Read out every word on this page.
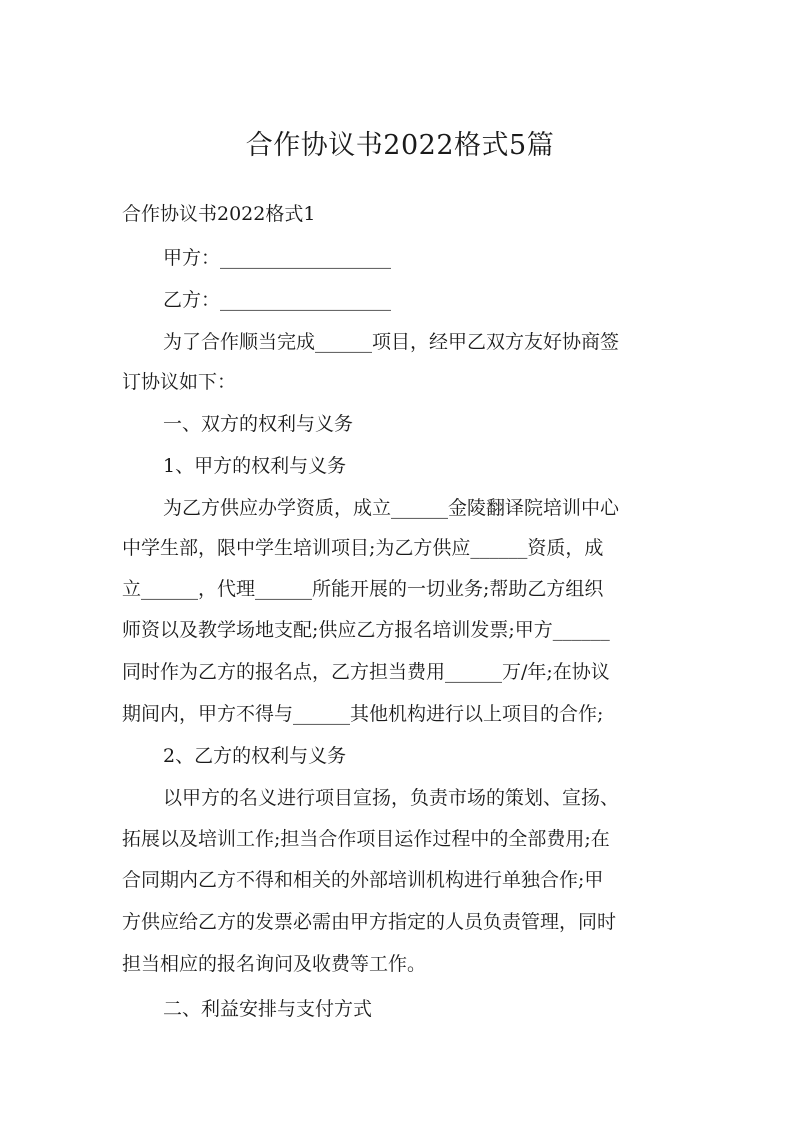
合作协议书2022格式5篇
合作协议书2022格式1
甲方：__________________
乙方：__________________
为了合作顺当完成______项目，经甲乙双方友好协商签
订协议如下：
一、双方的权利与义务
1、甲方的权利与义务
为乙方供应办学资质，成立______金陵翻译院培训中心
中学生部，限中学生培训项目;为乙方供应______资质，成
立______，代理______所能开展的一切业务;帮助乙方组织
师资以及教学场地支配;供应乙方报名培训发票;甲方______
同时作为乙方的报名点，乙方担当费用______万/年;在协议
期间内，甲方不得与______其他机构进行以上项目的合作;
2、乙方的权利与义务
以甲方的名义进行项目宣扬，负责市场的策划、宣扬、
拓展以及培训工作;担当合作项目运作过程中的全部费用;在
合同期内乙方不得和相关的外部培训机构进行单独合作;甲
方供应给乙方的发票必需由甲方指定的人员负责管理，同时
担当相应的报名询问及收费等工作。
二、利益安排与支付方式
